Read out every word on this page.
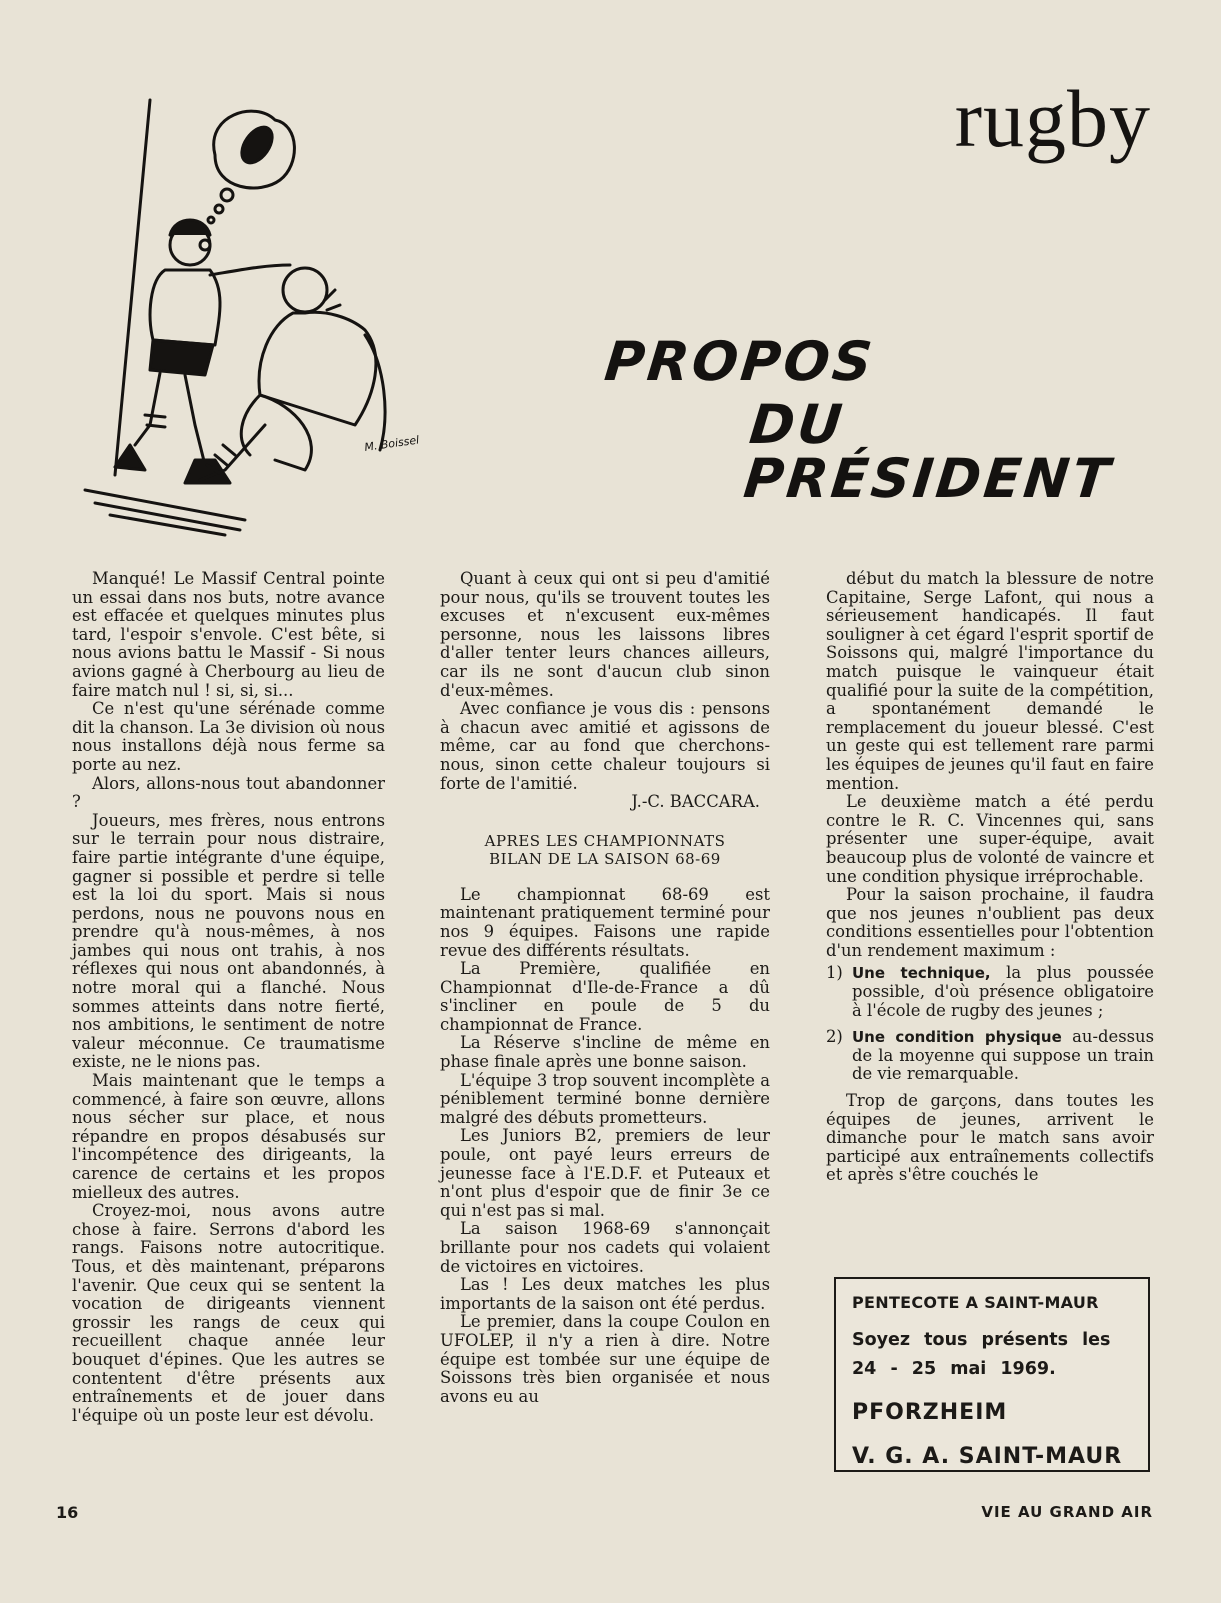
rugby
PROPOS
DU PRÉSIDENT
M. Boissel

Manqué! Le Massif Central pointe un essai dans nos buts, notre avance est effacée et quelques minutes plus tard, l'espoir s'envole. C'est bête, si nous avions battu le Massif - Si nous avions gagné à Cherbourg au lieu de faire match nul ! si, si, si...

Ce n'est qu'une sérénade comme dit la chanson. La 3e division où nous nous installons déjà nous ferme sa porte au nez.

Alors, allons-nous tout abandonner ?

Joueurs, mes frères, nous entrons sur le terrain pour nous distraire, faire partie intégrante d'une équipe, gagner si possible et perdre si telle est la loi du sport. Mais si nous perdons, nous ne pouvons nous en prendre qu'à nous-mêmes, à nos jambes qui nous ont trahis, à nos réflexes qui nous ont abandonnés, à notre moral qui a flanché. Nous sommes atteints dans notre fierté, nos ambitions, le sentiment de notre valeur méconnue. Ce traumatisme existe, ne le nions pas.

Mais maintenant que le temps a commencé, à faire son œuvre, allons nous sécher sur place, et nous répandre en propos désabusés sur l'incompétence des dirigeants, la carence de certains et les propos mielleux des autres.

Croyez-moi, nous avons autre chose à faire. Serrons d'abord les rangs. Faisons notre autocritique. Tous, et dès maintenant, préparons l'avenir. Que ceux qui se sentent la vocation de dirigeants viennent grossir les rangs de ceux qui recueillent chaque année leur bouquet d'épines. Que les autres se contentent d'être présents aux entraînements et de jouer dans l'équipe où un poste leur est dévolu.

Quant à ceux qui ont si peu d'amitié pour nous, qu'ils se trouvent toutes les excuses et n'excusent eux-mêmes personne, nous les laissons libres d'aller tenter leurs chances ailleurs, car ils ne sont d'aucun club sinon d'eux-mêmes.

Avec confiance je vous dis : pensons à chacun avec amitié et agissons de même, car au fond que cherchons-nous, sinon cette chaleur toujours si forte de l'amitié.

J.-C. BACCARA.

APRES LES CHAMPIONNATS
BILAN DE LA SAISON 68-69

Le championnat 68-69 est maintenant pratiquement terminé pour nos 9 équipes. Faisons une rapide revue des différents résultats.

La Première, qualifiée en Championnat d'Ile-de-France a dû s'incliner en poule de 5 du championnat de France.

La Réserve s'incline de même en phase finale après une bonne saison.

L'équipe 3 trop souvent incomplète a péniblement terminé bonne dernière malgré des débuts prometteurs.

Les Juniors B2, premiers de leur poule, ont payé leurs erreurs de jeunesse face à l'E.D.F. et Puteaux et n'ont plus d'espoir que de finir 3e ce qui n'est pas si mal.

La saison 1968-69 s'annonçait brillante pour nos cadets qui volaient de victoires en victoires.

Las ! Les deux matches les plus importants de la saison ont été perdus.

Le premier, dans la coupe Coulon en UFOLEP, il n'y a rien à dire. Notre équipe est tombée sur une équipe de Soissons très bien organisée et nous avons eu au

début du match la blessure de notre Capitaine, Serge Lafont, qui nous a sérieusement handicapés. Il faut souligner à cet égard l'esprit sportif de Soissons qui, malgré l'importance du match puisque le vainqueur était qualifié pour la suite de la compétition, a spontanément demandé le remplacement du joueur blessé. C'est un geste qui est tellement rare parmi les équipes de jeunes qu'il faut en faire mention.

Le deuxième match a été perdu contre le R. C. Vincennes qui, sans présenter une super-équipe, avait beaucoup plus de volonté de vaincre et une condition physique irréprochable.

Pour la saison prochaine, il faudra que nos jeunes n'oublient pas deux conditions essentielles pour l'obtention d'un rendement maximum :

1) Une technique, la plus poussée possible, d'où présence obligatoire à l'école de rugby des jeunes ;
2) Une condition physique au-dessus de la moyenne qui suppose un train de vie remarquable.

Trop de garçons, dans toutes les équipes de jeunes, arrivent le dimanche pour le match sans avoir participé aux entraînements collectifs et après s'être couchés le

PENTECOTE A SAINT-MAUR
Soyez tous présents les
24 - 25 mai 1969.
PFORZHEIM
V. G. A. SAINT-MAUR
16	VIE AU GRAND AIR
